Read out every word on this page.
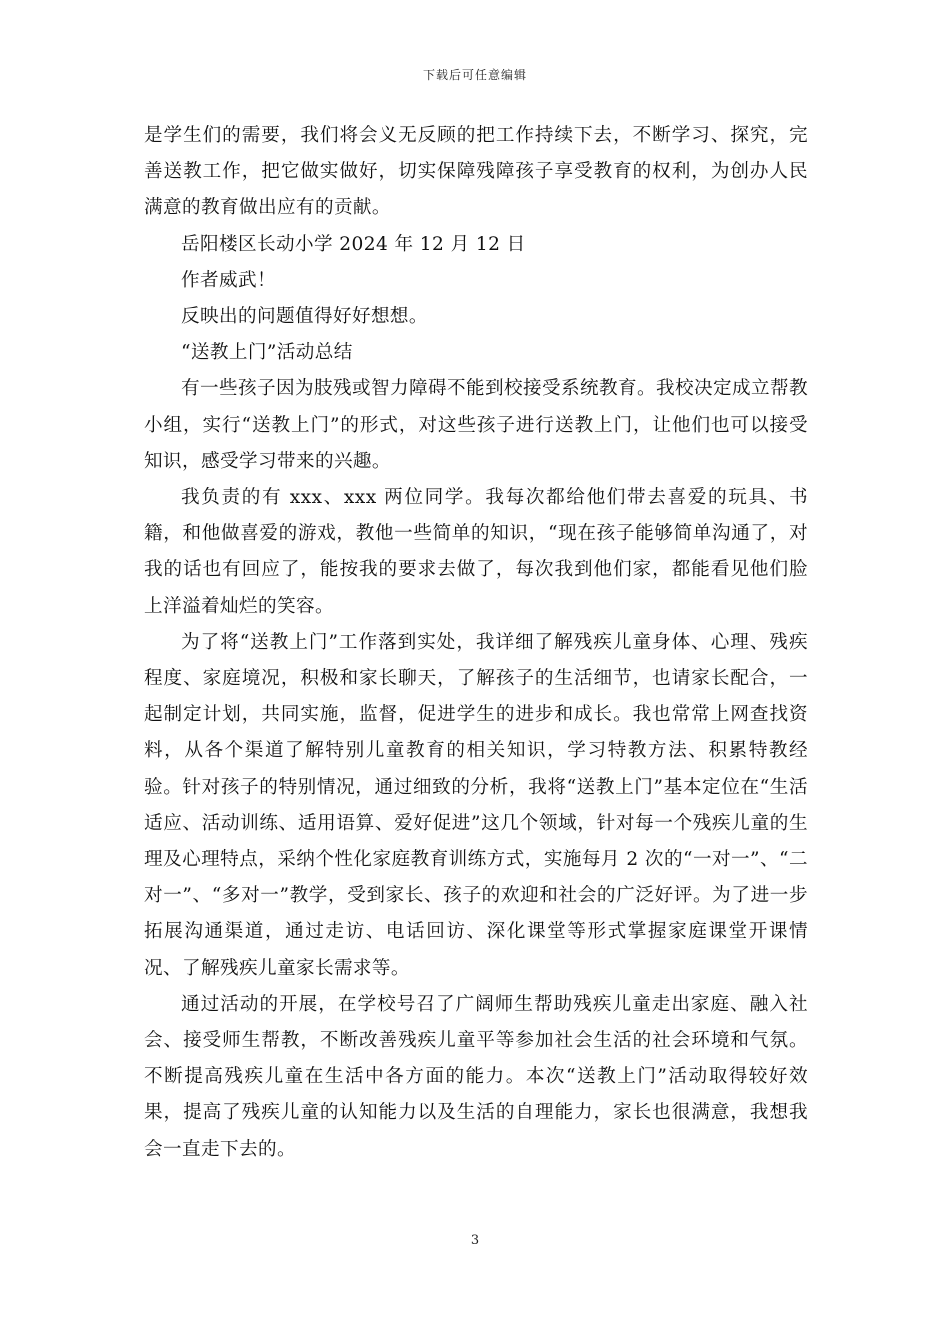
下载后可任意编辑

是学生们的需要，我们将会义无反顾的把工作持续下去，不断学习、探究，完善送教工作，把它做实做好，切实保障残障孩子享受教育的权利，为创办人民满意的教育做出应有的贡献。

岳阳楼区长动小学 2024 年 12 月 12 日

作者威武！

反映出的问题值得好好想想。

“送教上门”活动总结

有一些孩子因为肢残或智力障碍不能到校接受系统教育。我校决定成立帮教小组，实行“送教上门”的形式，对这些孩子进行送教上门，让他们也可以接受知识，感受学习带来的兴趣。

我负责的有 xxx、xxx 两位同学。我每次都给他们带去喜爱的玩具、书籍，和他做喜爱的游戏，教他一些简单的知识，“现在孩子能够简单沟通了，对我的话也有回应了，能按我的要求去做了，每次我到他们家，都能看见他们脸上洋溢着灿烂的笑容。

为了将“送教上门”工作落到实处，我详细了解残疾儿童身体、心理、残疾程度、家庭境况，积极和家长聊天，了解孩子的生活细节，也请家长配合，一起制定计划，共同实施，监督，促进学生的进步和成长。我也常常上网查找资料，从各个渠道了解特别儿童教育的相关知识，学习特教方法、积累特教经验。针对孩子的特别情况，通过细致的分析，我将“送教上门”基本定位在“生活适应、活动训练、适用语算、爱好促进”这几个领域，针对每一个残疾儿童的生理及心理特点，采纳个性化家庭教育训练方式，实施每月 2 次的“一对一”、“二对一”、“多对一”教学，受到家长、孩子的欢迎和社会的广泛好评。为了进一步拓展沟通渠道，通过走访、电话回访、深化课堂等形式掌握家庭课堂开课情况、了解残疾儿童家长需求等。

通过活动的开展，在学校号召了广阔师生帮助残疾儿童走出家庭、融入社会、接受师生帮教，不断改善残疾儿童平等参加社会生活的社会环境和气氛。不断提高残疾儿童在生活中各方面的能力。本次“送教上门”活动取得较好效果，提高了残疾儿童的认知能力以及生活的自理能力，家长也很满意，我想我会一直走下去的。

3
